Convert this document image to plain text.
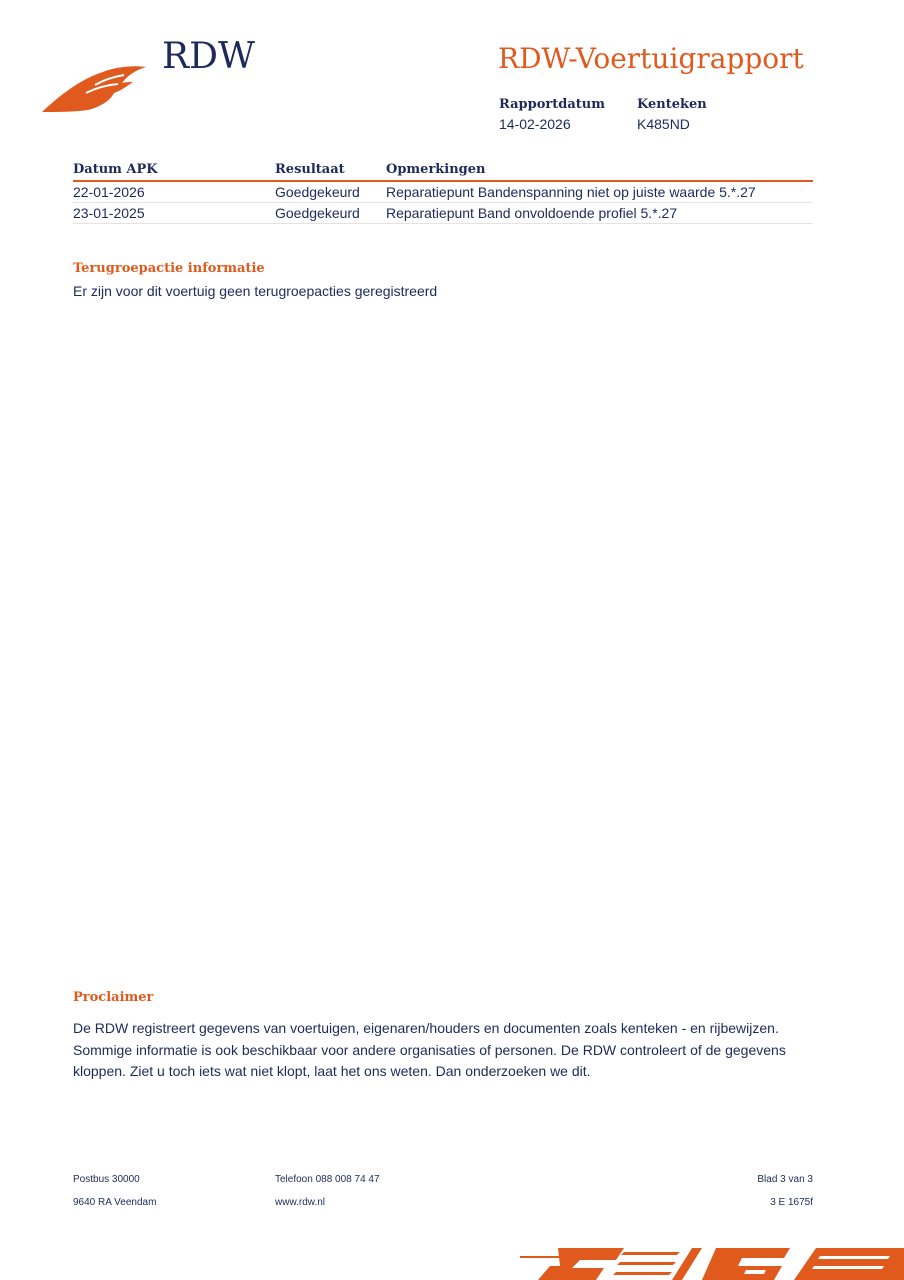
RDW	RDW-Voertuigrapport
Rapportdatum
14-02-2026
Kenteken
K485ND
Datum APK	Resultaat	Opmerkingen
22-01-2026	Goedgekeurd	Reparatiepunt Bandenspanning niet op juiste waarde 5.*.27
23-01-2025	Goedgekeurd	Reparatiepunt Band onvoldoende profiel 5.*.27
Terugroepactie informatie
Er zijn voor dit voertuig geen terugroepacties geregistreerd
Proclaimer
De RDW registreert gegevens van voertuigen, eigenaren/houders en documenten zoals kenteken - en rijbewijzen. Sommige informatie is ook beschikbaar voor andere organisaties of personen. De RDW controleert of de gegevens kloppen. Ziet u toch iets wat niet klopt, laat het ons weten. Dan onderzoeken we dit.
Postbus 30000
9640 RA Veendam
Telefoon 088 008 74 47
www.rdw.nl
Blad 3 van 3
3 E 1675f
